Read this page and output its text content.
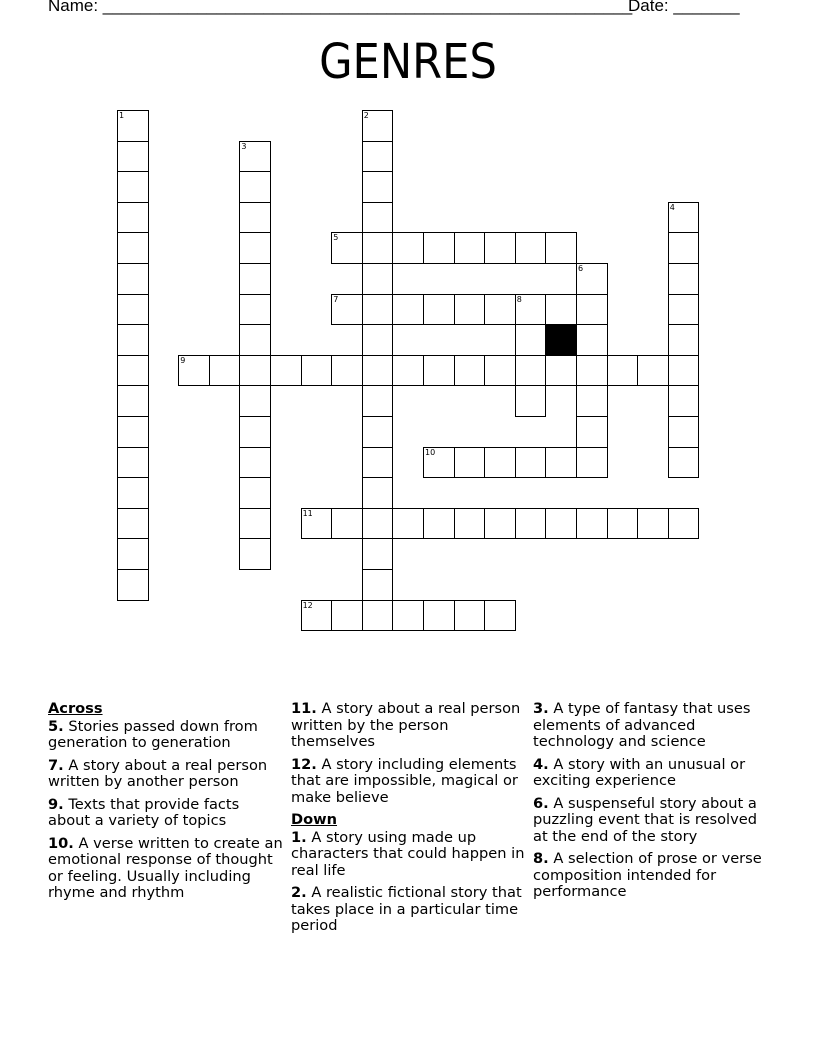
Name: ________________________________________________________
Date: _______
GENRES
1	2
3
4
5
6
7	8
9
10
11
12
Across
5. Stories passed down from generation to generation
7. A story about a real person written by another person
9. Texts that provide facts about a variety of topics
10. A verse written to create an emotional response of thought or feeling. Usually including rhyme and rhythm
11. A story about a real person written by the person themselves
12. A story including elements that are impossible, magical or make believe
Down
1. A story using made up characters that could happen in real life
2. A realistic fictional story that takes place in a particular time period
3. A type of fantasy that uses elements of advanced technology and science
4. A story with an unusual or exciting experience
6. A suspenseful story about a puzzling event that is resolved at the end of the story
8. A selection of prose or verse composition intended for performance
